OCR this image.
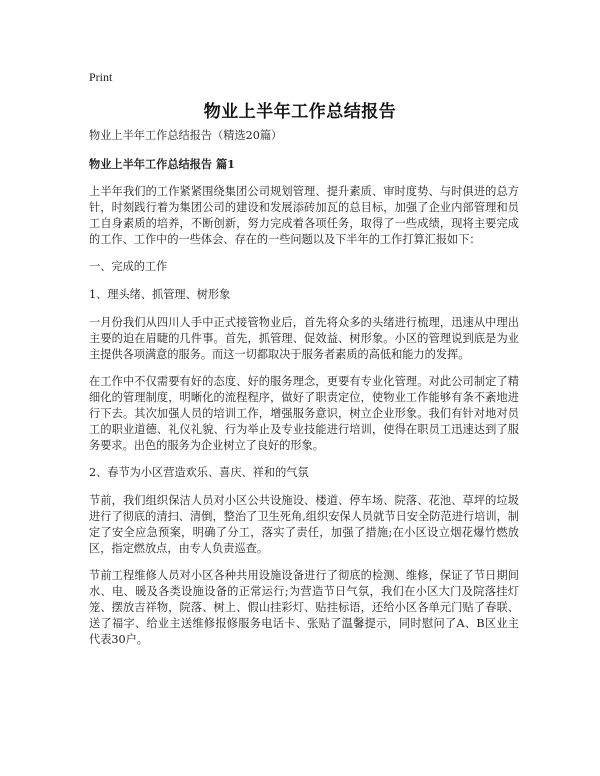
Print
物业上半年工作总结报告

物业上半年工作总结报告（精选20篇）

物业上半年工作总结报告 篇1

上半年我们的工作紧紧围绕集团公司规划管理、提升素质、审时度势、与时俱进的总方针，时刻践行着为集团公司的建设和发展添砖加瓦的总目标，加强了企业内部管理和员工自身素质的培养，不断创新，努力完成着各项任务，取得了一些成绩，现将主要完成的工作、工作中的一些体会、存在的一些问题以及下半年的工作打算汇报如下：

一、完成的工作

1、理头绪、抓管理、树形象

一月份我们从四川人手中正式接管物业后，首先将众多的头绪进行梳理，迅速从中理出主要的迫在眉睫的几件事。首先，抓管理、促效益、树形象。小区的管理说到底是为业主提供各项满意的服务。而这一切都取决于服务者素质的高低和能力的发挥。

在工作中不仅需要有好的态度、好的服务理念，更要有专业化管理。对此公司制定了精细化的管理制度，明晰化的流程程序，做好了职责定位，使物业工作能够有条不紊地进行下去。其次加强人员的培训工作，增强服务意识，树立企业形象。我们有针对地对员工的职业道德、礼仪礼貌、行为举止及专业技能进行培训，使得在职员工迅速达到了服务要求。出色的服务为企业树立了良好的形象。

2、春节为小区营造欢乐、喜庆、祥和的气氛

节前，我们组织保洁人员对小区公共设施设、楼道、停车场、院落、花池、草坪的垃圾进行了彻底的清扫、清倒，整治了卫生死角,组织安保人员就节日安全防范进行培训，制定了安全应急预案，明确了分工，落实了责任，加强了措施;在小区设立烟花爆竹燃放区，指定燃放点，由专人负责巡查。

节前工程维修人员对小区各种共用设施设备进行了彻底的检测、维修，保证了节日期间水、电、暖及各类设施设备的正常运行;为营造节日气氛，我们在小区大门及院落挂灯笼、摆放吉祥物，院落、树上、假山挂彩灯、贴挂标语，还给小区各单元门贴了春联、送了福字、给业主送维修报修服务电话卡、张贴了温馨提示，同时慰问了A、B区业主代表30户。
